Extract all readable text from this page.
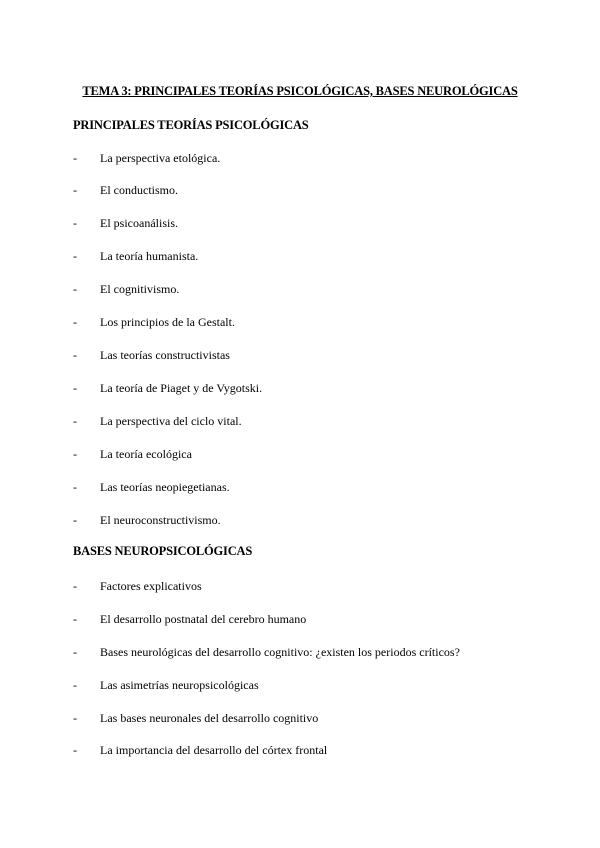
TEMA 3: PRINCIPALES TEORÍAS PSICOLÓGICAS, BASES NEUROLÓGICAS
PRINCIPALES TEORÍAS PSICOLÓGICAS
- La perspectiva etológica.
- El conductismo.
- El psicoanálisis.
- La teoría humanista.
- El cognitivismo.
- Los principios de la Gestalt.
- Las teorías constructivistas
- La teoría de Piaget y de Vygotski.
- La perspectiva del ciclo vital.
- La teoría ecológica
- Las teorías neopiegetianas.
- El neuroconstructivismo.
BASES NEUROPSICOLÓGICAS
- Factores explicativos
- El desarrollo postnatal del cerebro humano
- Bases neurológicas del desarrollo cognitivo: ¿existen los periodos críticos?
- Las asimetrías neuropsicológicas
- Las bases neuronales del desarrollo cognitivo
- La importancia del desarrollo del córtex frontal
